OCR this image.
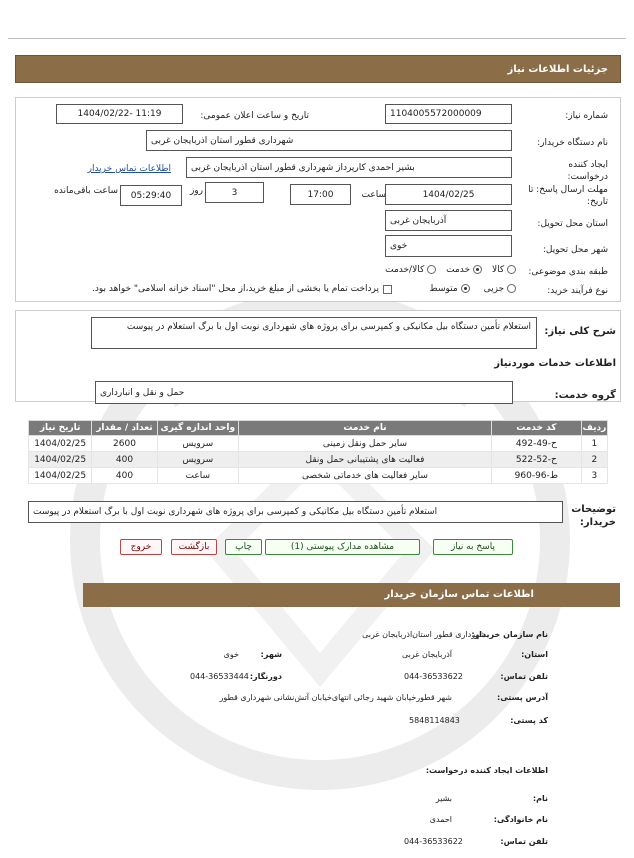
جزئیات اطلاعات نیاز
شماره نیاز:
1104005572000009
تاریخ و ساعت اعلان عمومی:
1404/02/22- 11:19
نام دستگاه خریدار:
شهرداری قطور استان اذربایجان غربی
ایجاد کننده درخواست:
بشیر احمدی کارپرداز شهرداری قطور استان اذربایجان غربی
اطلاعات تماس خریدار
مهلت ارسال پاسخ: تا تاریخ:
1404/02/25
ساعت
17:00
3
روز
05:29:40
ساعت باقی‌مانده
استان محل تحویل:
آذربایجان غربی
شهر محل تحویل:
خوی
طبقه بندی موضوعی:
کالا
خدمت
کالا/خدمت
نوع فرآیند خرید:
جزیی
متوسط
پرداخت تمام یا بخشی از مبلغ خرید،از محل "اسناد خزانه اسلامی" خواهد بود.
شرح کلی نیاز:
استعلام تأمین دستگاه بیل مکانیکی و کمپرسی برای پروژه های شهرداری نوبت اول با برگ استعلام در پیوست
اطلاعات خدمات موردنیاز
گروه خدمت:
حمل و نقل و انبارداری
تاریخ نیاز	تعداد / مقدار	واحد اندازه گیری	نام خدمت	کد خدمت	ردیف
1404/02/25	2600	سرویس	سایر حمل ونقل زمینی	ح-49-492	1
1404/02/25	400	سرویس	فعالیت های پشتیبانی حمل ونقل	ح-52-522	2
1404/02/25	400	ساعت	سایر فعالیت های خدماتی شخصی	ط-96-960	3
توضیحات خریدار:
استعلام تأمین دستگاه بیل مکانیکی و کمپرسی برای پروژه های شهرداری نوبت اول با برگ استعلام در پیوست
پاسخ به نیاز
مشاهده مدارک پیوستی (1)
چاپ
بازگشت
خروج
اطلاعات تماس سازمان خریدار
نام سازمان خریدار:
شهرداری قطور استان‌اذربایجان غربی
استان:
آذربایجان غربی
شهر:
خوی
تلفن تماس:
044-36533622
دورنگار:
044-36533444
آدرس پستی:
شهر قطورخیابان شهید رجائی انتهای‌خیابان آتش‌نشانی شهرداری قطور
کد پستی:
5848114843
اطلاعات ایجاد کننده درخواست:
نام:
بشیر
نام خانوادگی:
احمدی
تلفن تماس:
044-36533622
